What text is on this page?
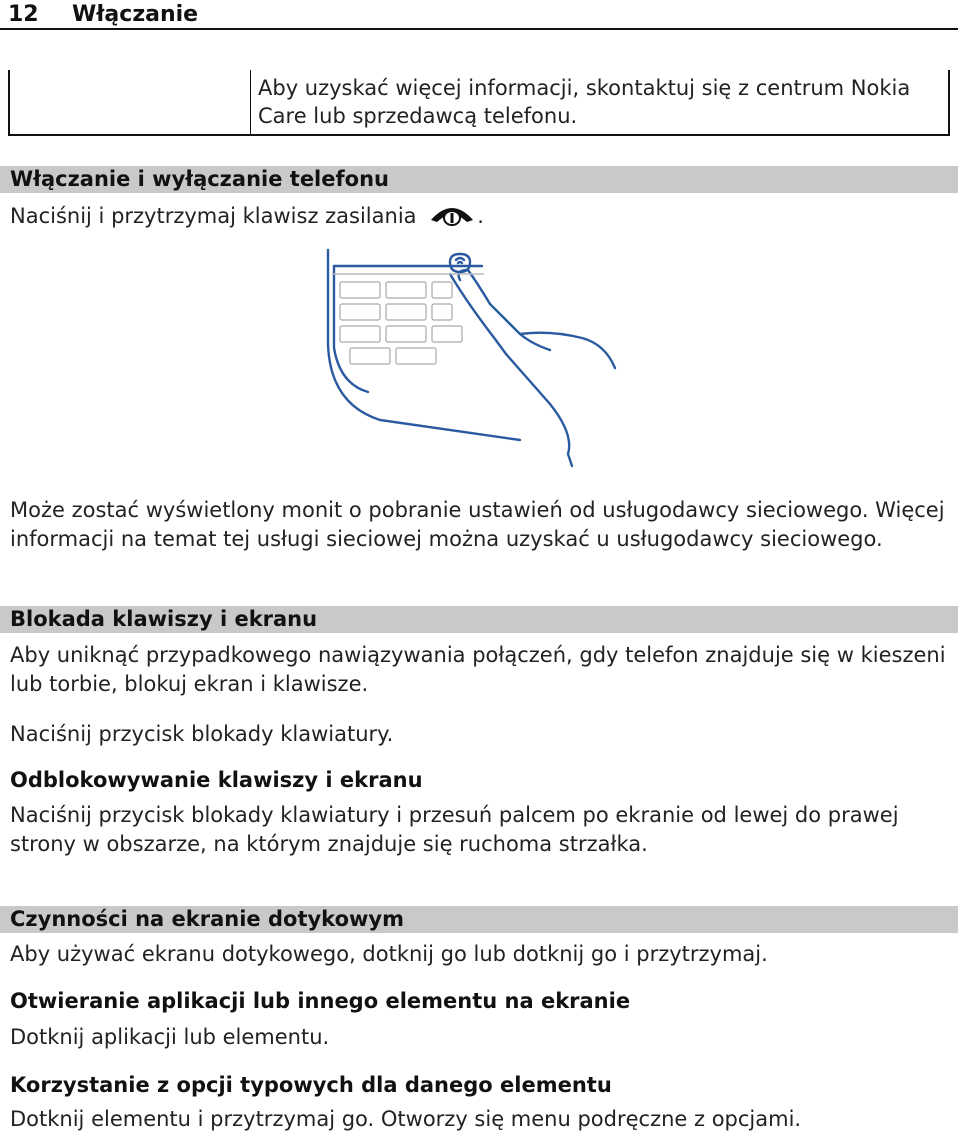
12 Włączanie
Aby uzyskać więcej informacji, skontaktuj się z centrum Nokia Care lub sprzedawcą telefonu.
Włączanie i wyłączanie telefonu
Naciśnij i przytrzymaj klawisz zasilania	.
Może zostać wyświetlony monit o pobranie ustawień od usługodawcy sieciowego. Więcej informacji na temat tej usługi sieciowej można uzyskać u usługodawcy sieciowego.
Blokada klawiszy i ekranu
Aby uniknąć przypadkowego nawiązywania połączeń, gdy telefon znajduje się w kieszeni lub torbie, blokuj ekran i klawisze.
Naciśnij przycisk blokady klawiatury.
Odblokowywanie klawiszy i ekranu
Naciśnij przycisk blokady klawiatury i przesuń palcem po ekranie od lewej do prawej strony w obszarze, na którym znajduje się ruchoma strzałka.
Czynności na ekranie dotykowym
Aby używać ekranu dotykowego, dotknij go lub dotknij go i przytrzymaj.
Otwieranie aplikacji lub innego elementu na ekranie
Dotknij aplikacji lub elementu.
Korzystanie z opcji typowych dla danego elementu
Dotknij elementu i przytrzymaj go. Otworzy się menu podręczne z opcjami.
